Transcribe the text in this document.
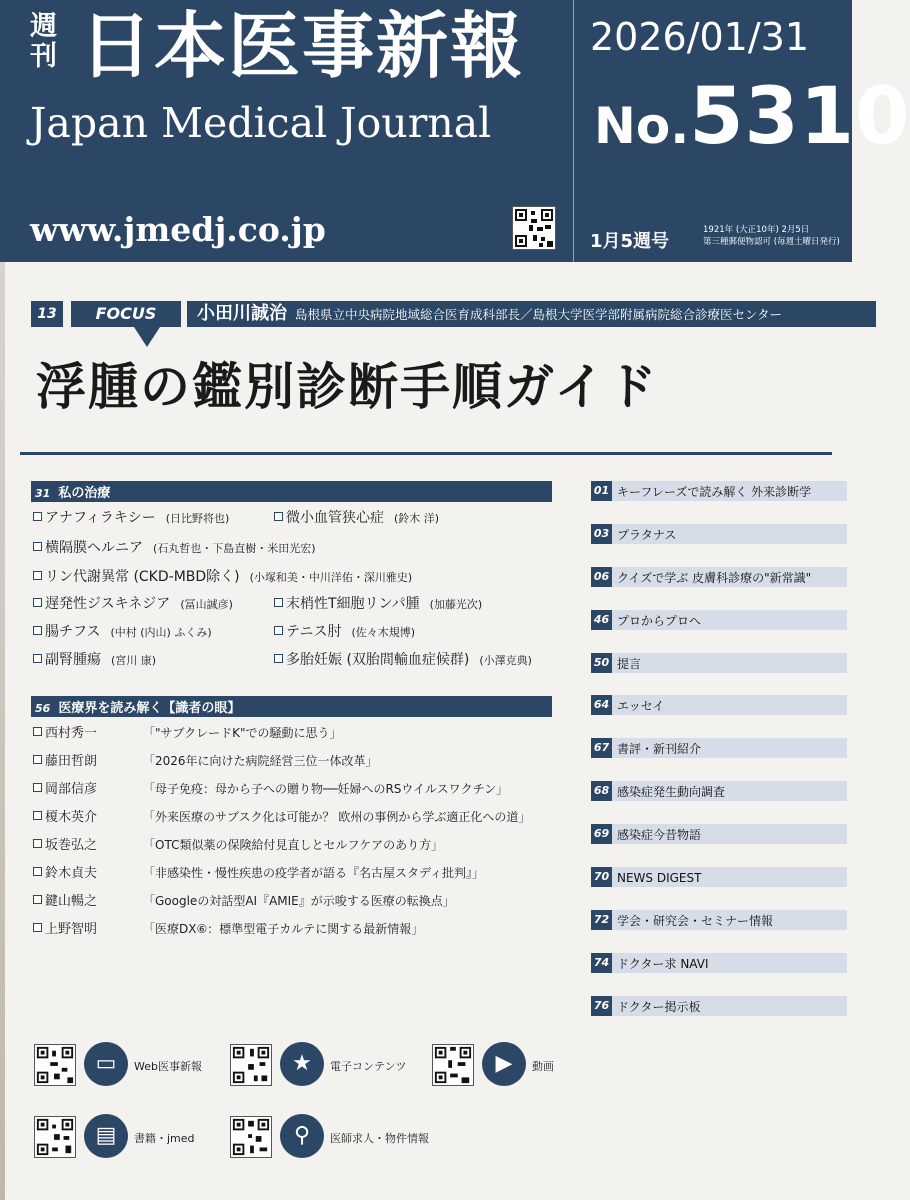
週刊 日本医事新報
Japan Medical Journal
www.jmedj.co.jp
2026/01/31
No.5310
1月5週号
1921年 (大正10年) 2月5日
第三種郵便物認可 (毎週土曜日発行)
13	FOCUS	小田川誠治 島根県立中央病院地域総合医育成科部長／島根大学医学部附属病院総合診療医センター
浮腫の鑑別診断手順ガイド
31 私の治療
アナフィラキシー (日比野将也)	微小血管狭心症 (鈴木 洋)
横隔膜ヘルニア (石丸哲也・下島直樹・米田光宏)
リン代謝異常 (CKD-MBD除く) (小塚和美・中川洋佑・深川雅史)
遅発性ジスキネジア (冨山誠彦)	末梢性T細胞リンパ腫 (加藤光次)
腸チフス (中村 (内山) ふくみ)	テニス肘 (佐々木規博)
副腎腫瘍 (宮川 康)	多胎妊娠 (双胎間輸血症候群) (小澤克典)
56 医療界を読み解く【識者の眼】
西村秀一	「"サブクレードK"での騒動に思う」
藤田哲朗	「2026年に向けた病院経営三位一体改革」
岡部信彦	「母子免疫：母から子への贈り物──妊婦へのRSウイルスワクチン」
榎木英介	「外来医療のサブスク化は可能か？ 欧州の事例から学ぶ適正化への道」
坂巻弘之	「OTC類似薬の保険給付見直しとセルフケアのあり方」
鈴木貞夫	「非感染性・慢性疾患の疫学者が語る『名古屋スタディ批判』」
鍵山暢之	「Googleの対話型AI『AMIE』が示唆する医療の転換点」
上野智明	「医療DX⑥：標準型電子カルテに関する最新情報」
01 キーフレーズで読み解く 外来診断学
03 プラタナス
06 クイズで学ぶ 皮膚科診療の"新常識"
46 プロからプロへ
50 提言
64 エッセイ
67 書評・新刊紹介
68 感染症発生動向調査
69 感染症今昔物語
70 NEWS DIGEST
72 学会・研究会・セミナー情報
74 ドクター求 NAVI
76 ドクター掲示板
▭	Web医事新報	★	電子コンテンツ	▶	動画
▤	書籍・jmed	⚲	医師求人・物件情報
